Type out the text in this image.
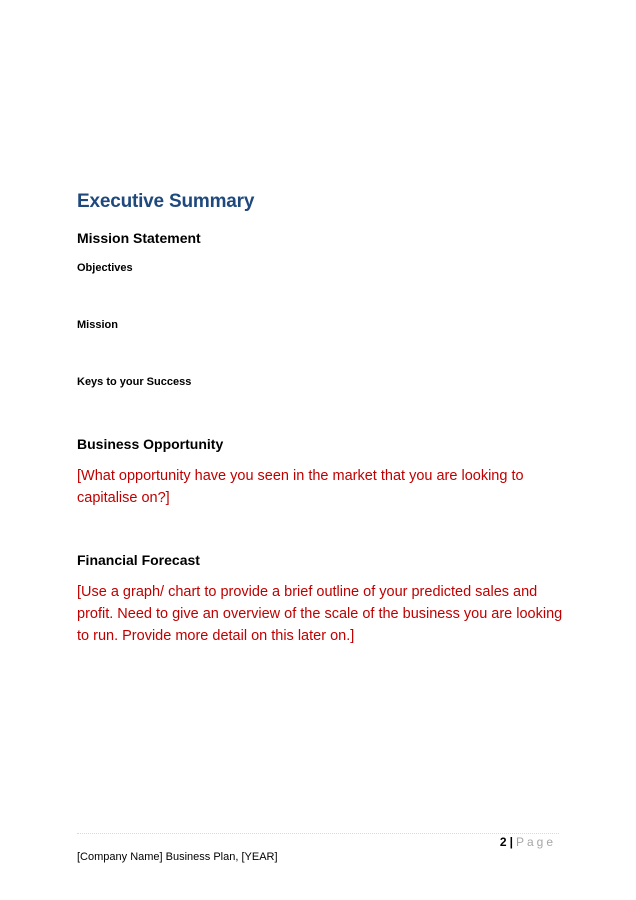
Executive Summary
Mission Statement
Objectives
Mission
Keys to your Success
Business Opportunity
[What opportunity have you seen in the market that you are looking to capitalise on?]
Financial Forecast
[Use a graph/ chart to provide a brief outline of your predicted sales and profit. Need to give an overview of the scale of the business you are looking to run. Provide more detail on this later on.]
2 | Page
[Company Name] Business Plan, [YEAR]
